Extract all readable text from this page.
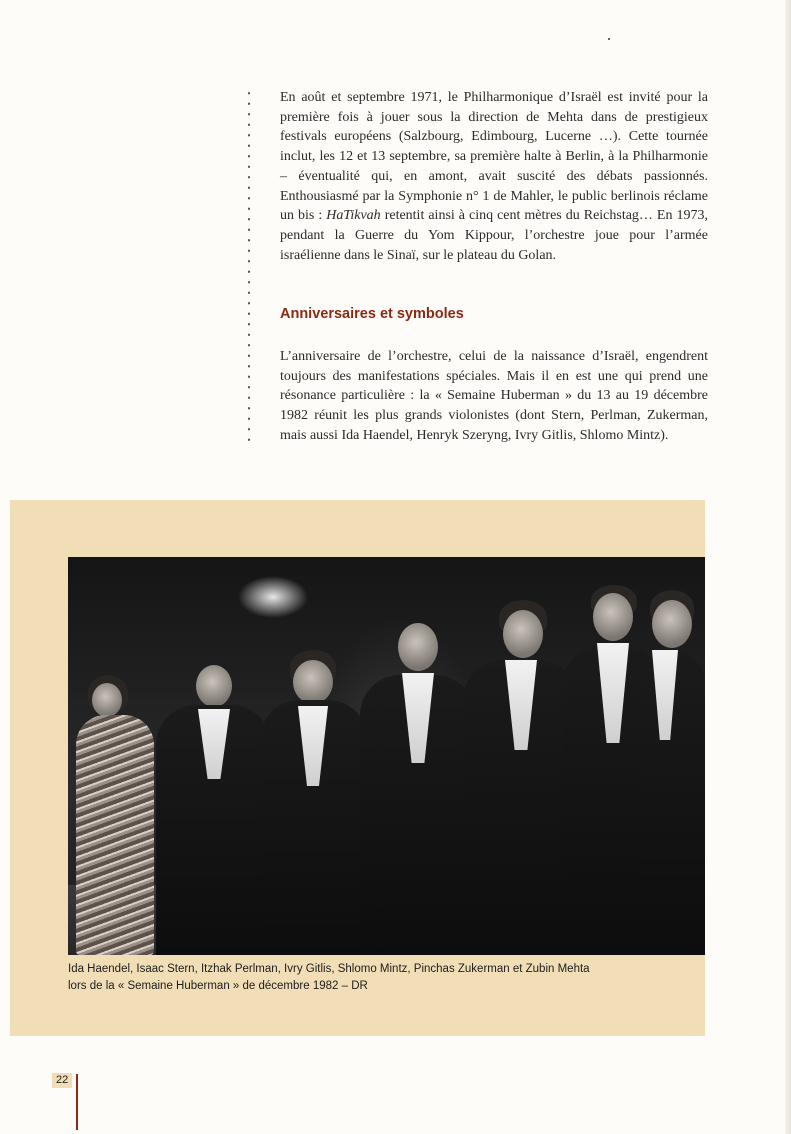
En août et septembre 1971, le Philharmonique d’Israël est invité pour la première fois à jouer sous la direction de Mehta dans de prestigieux festivals européens (Salzbourg, Edimbourg, Lucerne …). Cette tournée inclut, les 12 et 13 septembre, sa première halte à Berlin, à la Philharmonie – éventualité qui, en amont, avait suscité des débats passionnés. Enthousiasmé par la Symphonie n° 1 de Mahler, le public berlinois réclame un bis : HaTikvah retentit ainsi à cinq cent mètres du Reichstag… En 1973, pendant la Guerre du Yom Kippour, l’orchestre joue pour l’armée israélienne dans le Sinaï, sur le plateau du Golan.

Anniversaires et symboles

L’anniversaire de l’orchestre, celui de la naissance d’Israël, engendrent toujours des manifestations spéciales. Mais il en est une qui prend une résonance particulière : la « Semaine Huberman » du 13 au 19 décembre 1982 réunit les plus grands violonistes (dont Stern, Perlman, Zukerman, mais aussi Ida Haendel, Henryk Szeryng, Ivry Gitlis, Shlomo Mintz).

Ida Haendel, Isaac Stern, Itzhak Perlman, Ivry Gitlis, Shlomo Mintz, Pinchas Zukerman et Zubin Mehta
lors de la « Semaine Huberman » de décembre 1982 – DR

22
